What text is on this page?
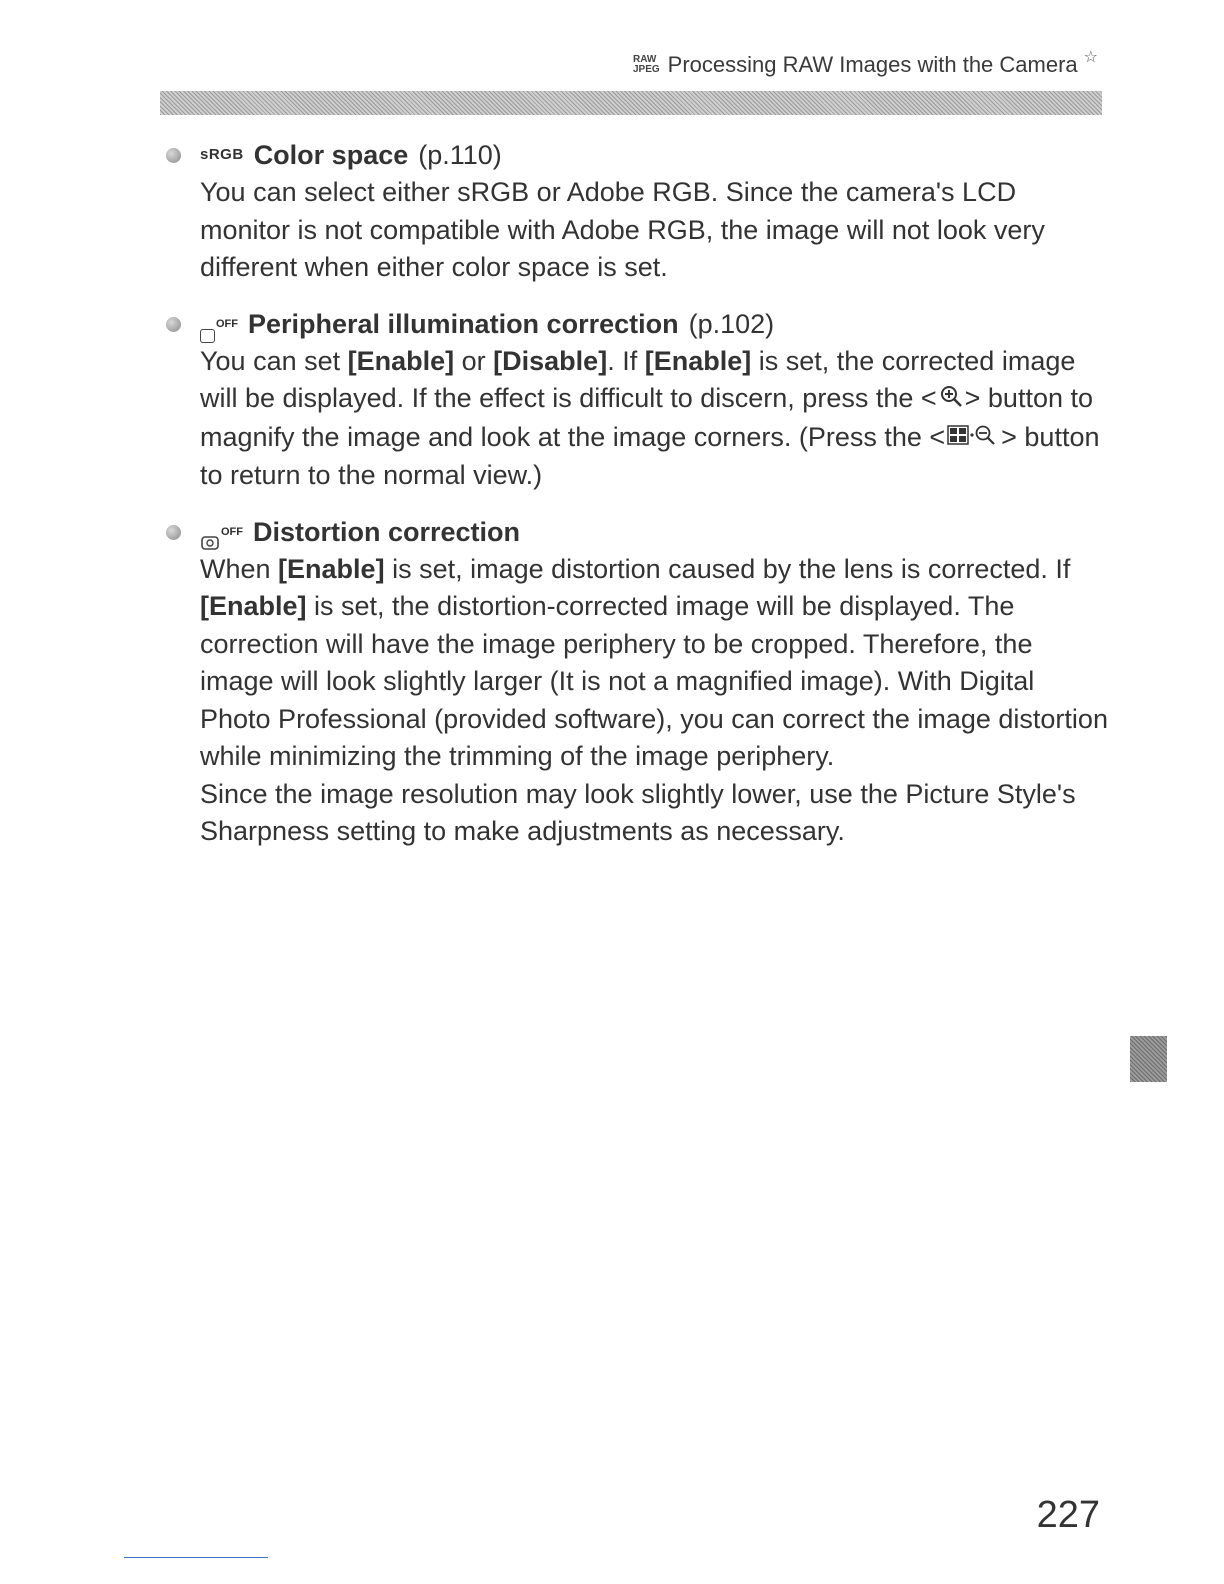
RAW
JPEG Processing RAW Images with the Camera ☆
sRGB Color space (p.110)
You can select either sRGB or Adobe RGB. Since the camera's LCD monitor is not compatible with Adobe RGB, the image will not look very different when either color space is set.
OFF Peripheral illumination correction (p.102)
You can set [Enable] or [Disable]. If [Enable] is set, the corrected image will be displayed. If the effect is difficult to discern, press the < > button to magnify the image and look at the image corners. (Press the < > button to return to the normal view.)
OFF Distortion correction
When [Enable] is set, image distortion caused by the lens is corrected. If [Enable] is set, the distortion-corrected image will be displayed. The correction will have the image periphery to be cropped. Therefore, the image will look slightly larger (It is not a magnified image). With Digital Photo Professional (provided software), you can correct the image distortion while minimizing the trimming of the image periphery.
Since the image resolution may look slightly lower, use the Picture Style's Sharpness setting to make adjustments as necessary.
227
